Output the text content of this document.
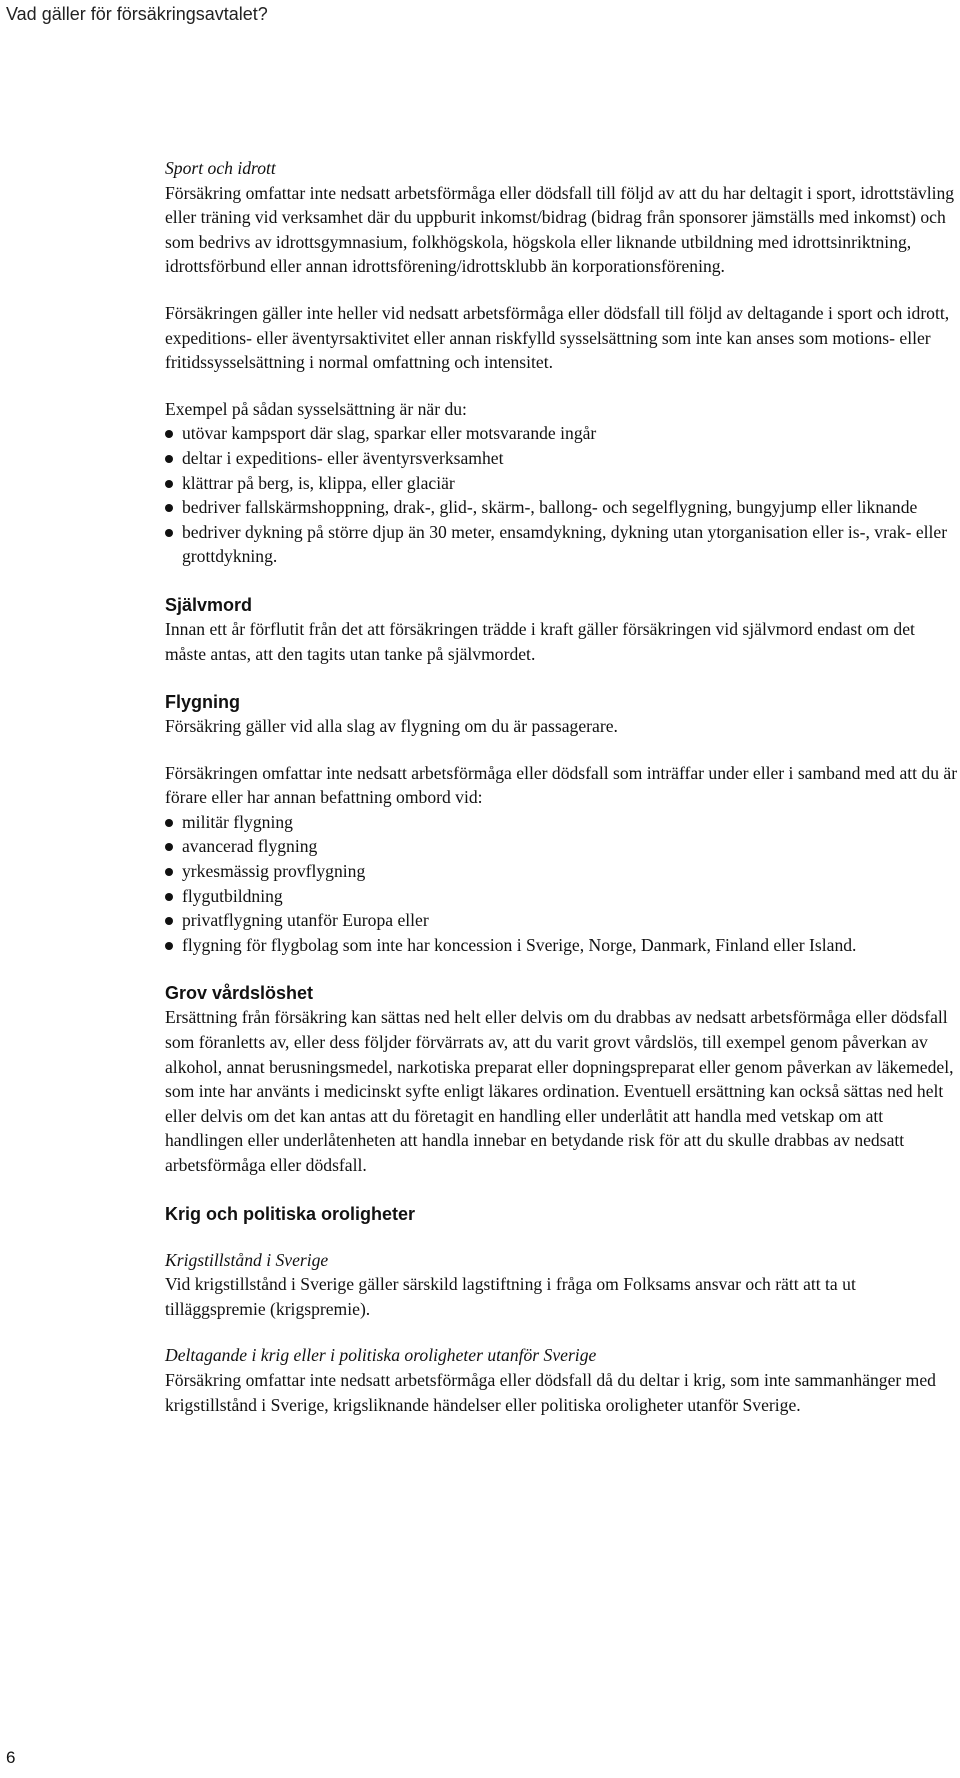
Vad gäller för försäkringsavtalet?

Sport och idrott

Försäkring omfattar inte nedsatt arbetsförmåga eller dödsfall till följd av att du har deltagit i sport, idrottstävling eller träning vid verksamhet där du uppburit inkomst/bidrag (bidrag från sponsorer jämställs med inkomst) och som bedrivs av idrottsgymnasium, folkhögskola, högskola eller liknande utbildning med idrottsinriktning, idrottsförbund eller annan idrottsförening/idrottsklubb än korporationsförening.

Försäkringen gäller inte heller vid nedsatt arbetsförmåga eller dödsfall till följd av deltagande i sport och idrott, expeditions- eller äventyrsaktivitet eller annan riskfylld sysselsättning som inte kan anses som motions- eller fritidssysselsättning i normal omfattning och intensitet.

Exempel på sådan sysselsättning är när du:

utövar kampsport där slag, sparkar eller motsvarande ingår
deltar i expeditions- eller äventyrsverksamhet
klättrar på berg, is, klippa, eller glaciär
bedriver fallskärmshoppning, drak-, glid-, skärm-, ballong- och segelflygning, bungyjump eller liknande
bedriver dykning på större djup än 30 meter, ensamdykning, dykning utan ytorganisation eller is-, vrak- eller grottdykning.
Självmord

Innan ett år förflutit från det att försäkringen trädde i kraft gäller försäkringen vid självmord endast om det måste antas, att den tagits utan tanke på självmordet.

Flygning

Försäkring gäller vid alla slag av flygning om du är passagerare.

Försäkringen omfattar inte nedsatt arbetsförmåga eller dödsfall som inträffar under eller i samband med att du är förare eller har annan befattning ombord vid:

militär flygning
avancerad flygning
yrkesmässig provflygning
flygutbildning
privatflygning utanför Europa eller
flygning för flygbolag som inte har koncession i Sverige, Norge, Danmark, Finland eller Island.
Grov vårdslöshet

Ersättning från försäkring kan sättas ned helt eller delvis om du drabbas av nedsatt arbetsförmåga eller dödsfall som föranletts av, eller dess följder förvärrats av, att du varit grovt vårdslös, till exempel genom påverkan av alkohol, annat berusningsmedel, narkotiska preparat eller dopningspreparat eller genom påverkan av läkemedel, som inte har använts i medicinskt syfte enligt läkares ordination. Eventuell ersättning kan också sättas ned helt eller delvis om det kan antas att du företagit en handling eller underlåtit att handla med vetskap om att handlingen eller underlåtenheten att handla innebar en betydande risk för att du skulle drabbas av nedsatt arbetsförmåga eller dödsfall.

Krig och politiska oroligheter

Krigstillstånd i Sverige

Vid krigstillstånd i Sverige gäller särskild lagstiftning i fråga om Folksams ansvar och rätt att ta ut tilläggspremie (krigspremie).

Deltagande i krig eller i politiska oroligheter utanför Sverige

Försäkring omfattar inte nedsatt arbetsförmåga eller dödsfall då du deltar i krig, som inte sammanhänger med krigstillstånd i Sverige, krigsliknande händelser eller politiska oroligheter utanför Sverige.

6
